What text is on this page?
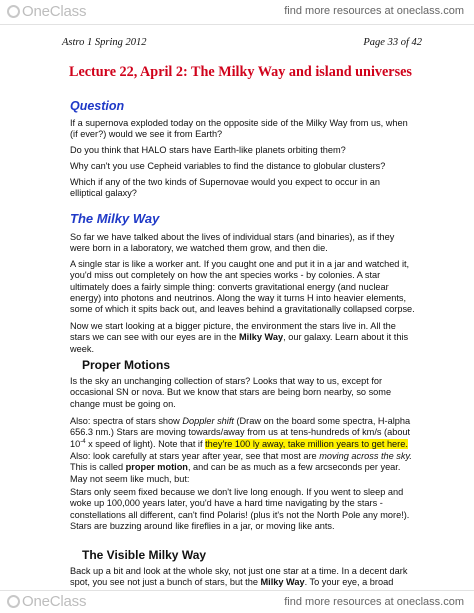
OneClass	find more resources at oneclass.com
Astro 1 Spring 2012	Page 33 of 42
Lecture 22, April 2: The Milky Way and island universes
Question
If a supernova exploded today on the opposite side of the Milky Way from us, when (if ever?) would we see it from Earth?
Do you think that HALO stars have Earth-like planets orbiting them?
Why can't you use Cepheid variables to find the distance to globular clusters?
Which if any of the two kinds of Supernovae would you expect to occur in an elliptical galaxy?
The Milky Way
So far we have talked about the lives of individual stars (and binaries), as if they were born in a laboratory, we watched them grow, and then die.
A single star is like a worker ant. If you caught one and put it in a jar and watched it, you'd miss out completely on how the ant species works - by colonies. A star ultimately does a fairly simple thing: converts gravitational energy (and nuclear energy) into photons and neutrinos. Along the way it turns H into heavier elements, some of which it spits back out, and leaves behind a gravitationally collapsed corpse.
Now we start looking at a bigger picture, the environment the stars live in. All the stars we can see with our eyes are in the Milky Way, our galaxy. Learn about it this week.
Proper Motions
Is the sky an unchanging collection of stars? Looks that way to us, except for occasional SN or nova. But we know that stars are being born nearby, so some change must be going on.
Also: spectra of stars show Doppler shift (Draw on the board some spectra, H-alpha 656.3 nm.) Stars are moving towards/away from us at tens-hundreds of km/s (about $10^{-4}$ x speed of light). Note that if they're 100 ly away, take million years to get here.
Also: look carefully at stars year after year, see that most are moving across the sky. This is called proper motion, and can be as much as a few arcseconds per year. May not seem like much, but:
Stars only seem fixed because we don't live long enough. If you went to sleep and woke up 100,000 years later, you'd have a hard time navigating by the stars - constellations all different, can't find Polaris! (plus it's not the North Pole any more!). Stars are buzzing around like fireflies in a jar, or moving like ants.
The Visible Milky Way
Back up a bit and look at the whole sky, not just one star at a time. In a decent dark spot, you see not just a bunch of stars, but the Milky Way. To your eye, a broad
OneClass	find more resources at oneclass.com
